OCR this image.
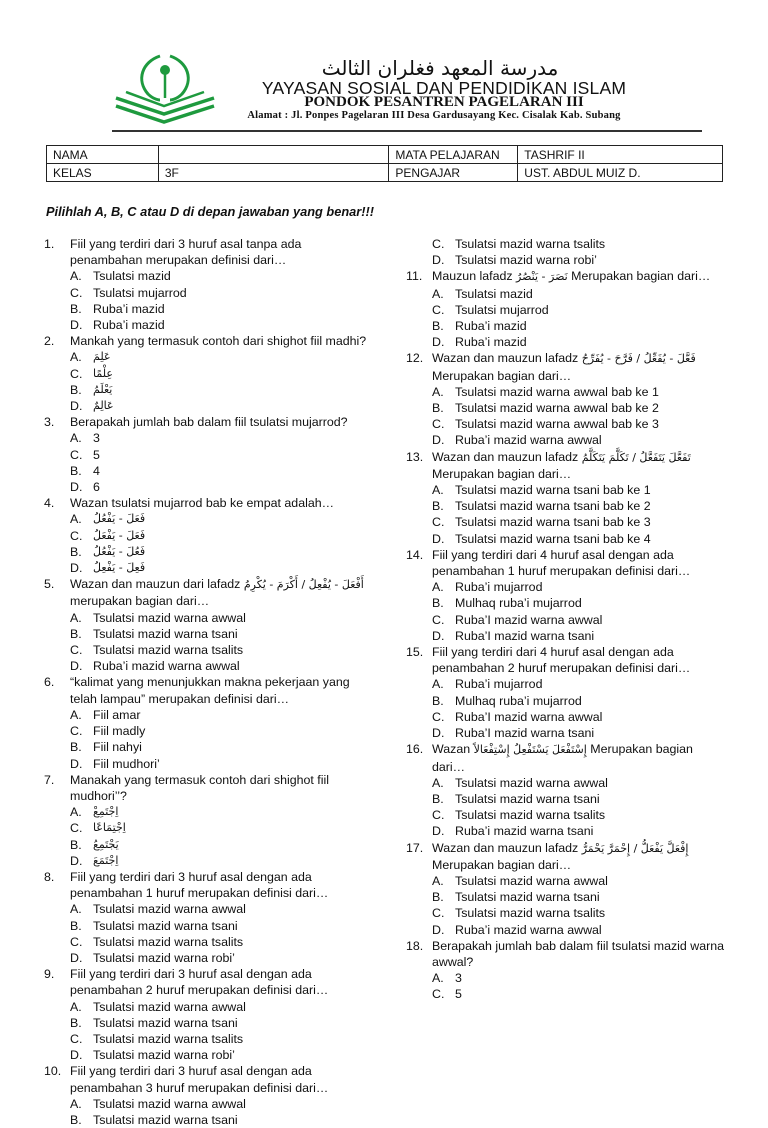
مدرسة المعهد فغلران الثالث
YAYASAN SOSIAL DAN PENDIDIKAN ISLAM
PONDOK PESANTREN PAGELARAN III
Alamat : Jl. Ponpes Pagelaran III Desa Gardusayang Kec. Cisalak Kab. Subang
NAMA		MATA PELAJARAN	TASHRIF II
KELAS	3F	PENGAJAR	UST. ABDUL MUIZ D.
Pilihlah A, B, C atau D di depan jawaban yang benar!!!
1.	Fiil yang terdiri dari 3 huruf asal tanpa ada penambahan merupakan definisi dari…
A. Tsulatsi mazid
C. Tsulatsi mujarrod
B. Ruba’i mazid
D. Ruba’i mazid
2.	Mankah yang termasuk contoh dari shighot fiil madhi?
A.	عَلِمَ
C. عِلْمًا
B.	يَعْلَمُ
D. عَالِمٌ
3.	Berapakah jumlah bab dalam fiil tsulatsi mujarrod?
A. 3
C. 5
B. 4
D. 6
4.	Wazan tsulatsi mujarrod bab ke empat adalah…
A.	فَعَلَ - يَفْعُلُ
C. فَعَلَ - يَفْعَلُ
B.	فَعُلَ - يَفْعُلُ
D. فَعِلَ - يَفْعِلُ
5.	Wazan dan mauzun dari lafadz أَفْعَلَ - يُفْعِلُ / أَكْرَمَ - يُكْرِمُ merupakan bagian dari…
A. Tsulatsi mazid warna awwal
B. Tsulatsi mazid warna tsani
C. Tsulatsi mazid warna tsalits
D. Ruba’i mazid warna awwal
6.	“kalimat yang menunjukkan makna pekerjaan yang telah lampau” merupakan definisi dari…
A. Fiil amar
C. Fiil madly
B. Fiil nahyi
D. Fiil mudhori’
7.	Manakah yang termasuk contoh dari shighot fiil mudhori’’?
A.	اِجْتَمِعْ
C. اِجْتِمَاعًا
B.	يَجْتَمِعُ
D. اِجْتَمَعَ
8.	Fiil yang terdiri dari 3 huruf asal dengan ada penambahan 1 huruf merupakan definisi dari…
A. Tsulatsi mazid warna awwal
B. Tsulatsi mazid warna tsani
C. Tsulatsi mazid warna tsalits
D. Tsulatsi mazid warna robi’
9.	Fiil yang terdiri dari 3 huruf asal dengan ada penambahan 2 huruf merupakan definisi dari…
A. Tsulatsi mazid warna awwal
B. Tsulatsi mazid warna tsani
C. Tsulatsi mazid warna tsalits
D. Tsulatsi mazid warna robi’
10. Fiil yang terdiri dari 3 huruf asal dengan ada penambahan 3 huruf merupakan definisi dari…
A. Tsulatsi mazid warna awwal
B. Tsulatsi mazid warna tsani
C. Tsulatsi mazid warna tsalits
D. Tsulatsi mazid warna robi’
11. Mauzun lafadz نَصَرَ - يَنْصُرُ Merupakan bagian dari…
A. Tsulatsi mazid
C. Tsulatsi mujarrod
B. Ruba’i mazid
D. Ruba’i mazid
12. Wazan dan mauzun lafadz فَعَّلَ - يُفَعِّلُ / فَرَّحَ - يُفَرِّحُ Merupakan bagian dari…
A. Tsulatsi mazid warna awwal bab ke 1
B. Tsulatsi mazid warna awwal bab ke 2
C. Tsulatsi mazid warna awwal bab ke 3
D. Ruba’i mazid warna awwal
13. Wazan dan mauzun lafadz تَفَعَّلَ يَتَفَعَّلُ / تَكَلَّمَ يَتَكَلَّمُ Merupakan bagian dari…
A. Tsulatsi mazid warna tsani bab ke 1
B. Tsulatsi mazid warna tsani bab ke 2
C. Tsulatsi mazid warna tsani bab ke 3
D. Tsulatsi mazid warna tsani bab ke 4
14. Fiil yang terdiri dari 4 huruf asal dengan ada penambahan 1 huruf merupakan definisi dari…
A. Ruba’i mujarrod
B. Mulhaq ruba’i mujarrod
C. Ruba’I mazid warna awwal
D. Ruba’I mazid warna tsani
15. Fiil yang terdiri dari 4 huruf asal dengan ada penambahan 2 huruf merupakan definisi dari…
A. Ruba’i mujarrod
B. Mulhaq ruba’i mujarrod
C. Ruba’I mazid warna awwal
D. Ruba’I mazid warna tsani
16. Wazan إِسْتَفْعَلَ يَسْتَفْعِلُ إِسْتِفْعَالاً Merupakan bagian dari…
A. Tsulatsi mazid warna awwal
B. Tsulatsi mazid warna tsani
C. Tsulatsi mazid warna tsalits
D. Ruba’i mazid warna tsani
17. Wazan dan mauzun lafadz إِفْعَلَّ يَفْعَلُّ / إِحْمَرَّ يَحْمَرُّ Merupakan bagian dari…
A. Tsulatsi mazid warna awwal
B. Tsulatsi mazid warna tsani
C. Tsulatsi mazid warna tsalits
D. Ruba’i mazid warna awwal
18. Berapakah jumlah bab dalam fiil tsulatsi mazid warna awwal?
A. 3
C. 5
